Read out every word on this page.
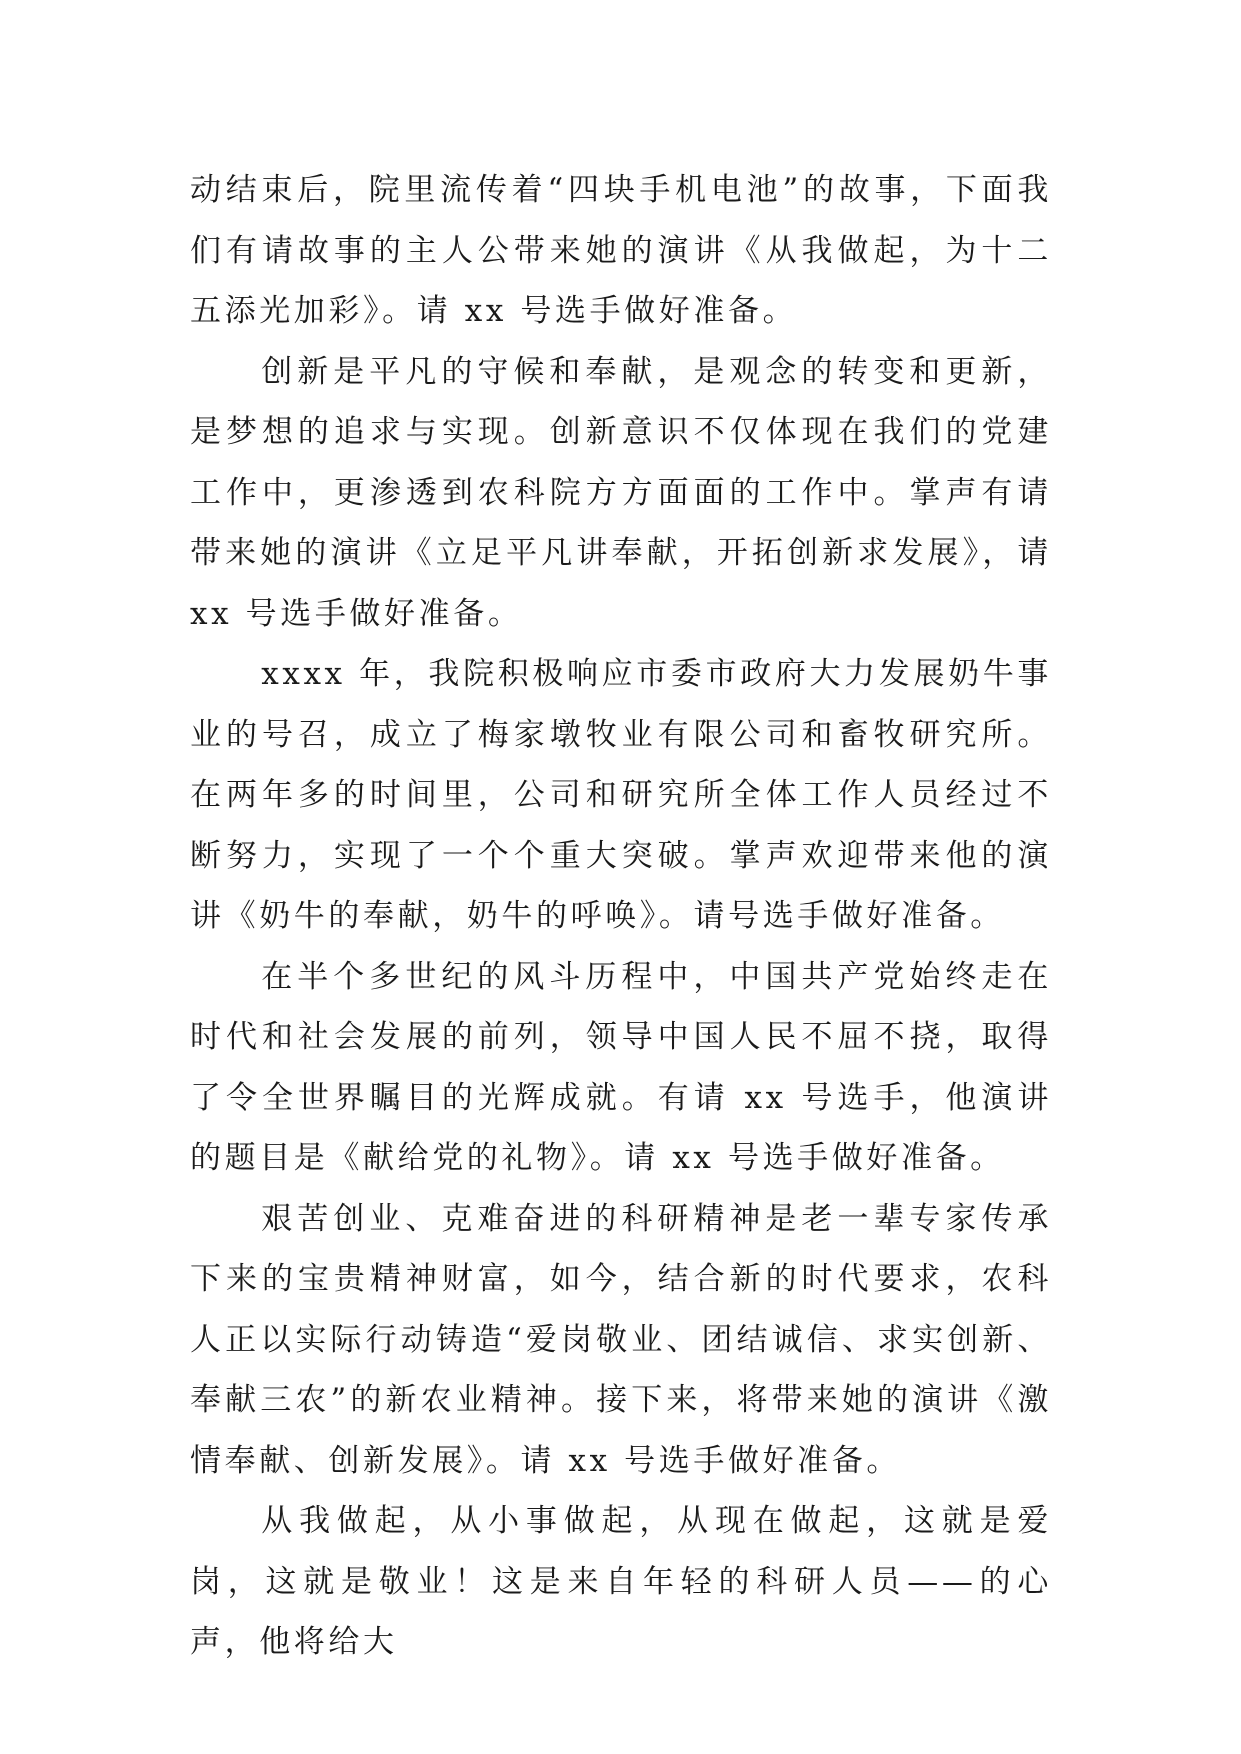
动结束后，院里流传着“四块手机电池”的故事，下面我们有请故事的主人公带来她的演讲《从我做起，为十二五添光加彩》。请 xx 号选手做好准备。

创新是平凡的守候和奉献，是观念的转变和更新，是梦想的追求与实现。创新意识不仅体现在我们的党建工作中，更渗透到农科院方方面面的工作中。掌声有请带来她的演讲《立足平凡讲奉献，开拓创新求发展》，请 xx 号选手做好准备。

xxxx 年，我院积极响应市委市政府大力发展奶牛事业的号召，成立了梅家墩牧业有限公司和畜牧研究所。在两年多的时间里，公司和研究所全体工作人员经过不断努力，实现了一个个重大突破。掌声欢迎带来他的演讲《奶牛的奉献，奶牛的呼唤》。请号选手做好准备。

在半个多世纪的风斗历程中，中国共产党始终走在时代和社会发展的前列，领导中国人民不屈不挠，取得了令全世界瞩目的光辉成就。有请 xx 号选手，他演讲的题目是《献给党的礼物》。请 xx 号选手做好准备。

艰苦创业、克难奋进的科研精神是老一辈专家传承下来的宝贵精神财富，如今，结合新的时代要求，农科人正以实际行动铸造“爱岗敬业、团结诚信、求实创新、奉献三农”的新农业精神。接下来，将带来她的演讲《激情奉献、创新发展》。请 xx 号选手做好准备。

从我做起，从小事做起，从现在做起，这就是爱岗，这就是敬业！这是来自年轻的科研人员——的心声，他将给大
